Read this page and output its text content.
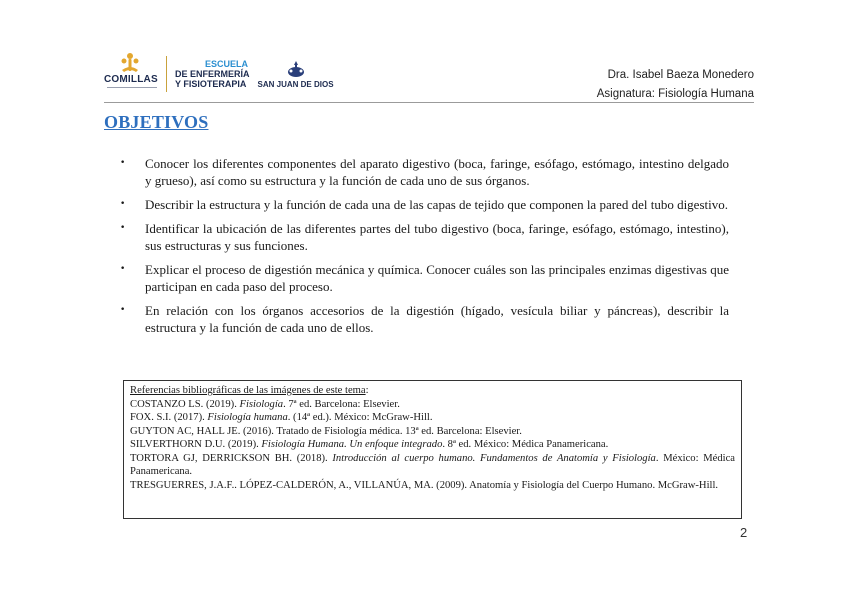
COMILLAS
ESCUELA
DE ENFERMERÍA
Y FISIOTERAPIA	SAN JUAN DE DIOS
Dra. Isabel Baeza Monedero
Asignatura: Fisiología Humana
OBJETIVOS
• Conocer los diferentes componentes del aparato digestivo (boca, faringe, esófago, estómago, intestino delgado y grueso), así como su estructura y la función de cada uno de sus órganos.
• Describir la estructura y la función de cada una de las capas de tejido que componen la pared del tubo digestivo.
• Identificar la ubicación de las diferentes partes del tubo digestivo (boca, faringe, esófago, estómago, intestino), sus estructuras y sus funciones.
• Explicar el proceso de digestión mecánica y química. Conocer cuáles son las principales enzimas digestivas que participan en cada paso del proceso.
• En relación con los órganos accesorios de la digestión (hígado, vesícula biliar y páncreas), describir la estructura y la función de cada uno de ellos.

Referencias bibliográficas de las imágenes de este tema:

COSTANZO LS. (2019). Fisiología. 7ª ed. Barcelona: Elsevier.

FOX. S.I. (2017). Fisiología humana. (14ª ed.). México: McGraw-Hill.

GUYTON AC, HALL JE. (2016). Tratado de Fisiología médica. 13ª ed. Barcelona: Elsevier.

SILVERTHORN D.U. (2019). Fisiología Humana. Un enfoque integrado. 8ª ed. México: Médica Panamericana.

TORTORA GJ, DERRICKSON BH. (2018). Introducción al cuerpo humano. Fundamentos de Anatomía y Fisiología. México: Médica Panamericana.

TRESGUERRES, J.A.F.. LÓPEZ-CALDERÓN, A., VILLANÚA, MA. (2009). Anatomía y Fisiología del Cuerpo Humano. McGraw-Hill.

2
